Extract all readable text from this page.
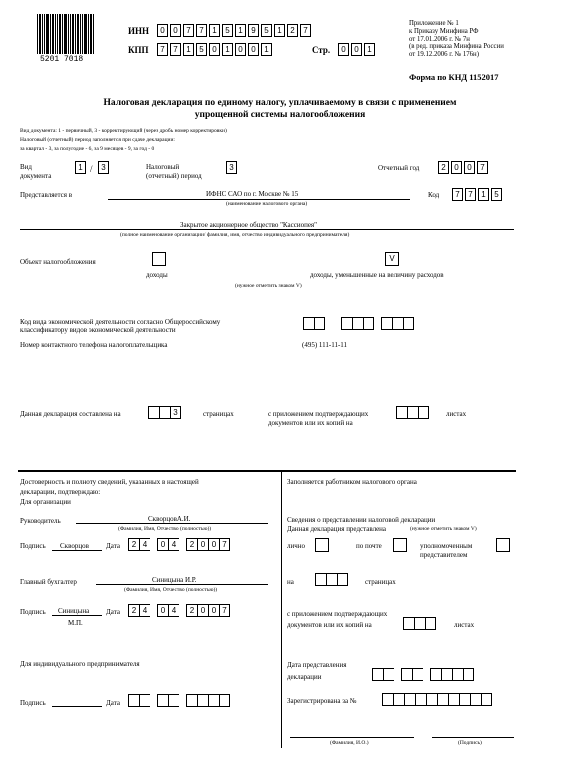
5201 7018
ИНН	0	0	7	7	1	5	1	9	5	1	2	7
КПП	7	7	1	5	0	1	0	0	1	Стр.	0	0	1
Приложение № 1
к Приказу Минфина РФ
от 17.01.2006 г. № 7н
(в ред. приказа Минфина России
от 19.12.2006 г. № 176н)
Форма по КНД 1152017
Налоговая декларация по единому налогу, уплачиваемому в связи с применением
упрощенной системы налогообложения
Вид документа: 1 - первичный, 3 - корректирующий (через дробь номер корректировки)
Налоговый (отчетный) период заполняется при сдаче декларации:
за квартал - 3, за полугодие - 6, за 9 месяцев - 9, за год - 0
Вид
документа
1 /	3	Налоговый
(отчетный) период
3	Отчетный год	2	0	0	7
Представляется в	ИФНС САО по г. Москве № 15
(наименование налогового органа)
Код	7	7	1	5
Закрытое акционерное общество "Кассиопея"
(полное наименование организации/ фамилия, имя, отчество индивидуального предпринимателя)
Объект налогообложения
доходы
V
доходы, уменьшенные на величину расходов
(нужное отметить знаком V)
Код вида экономической деятельности согласно Общероссийскому
классификатору видов экономической деятельности
Номер контактного телефона налогоплательщика	(495) 111-11-11
Данная декларация составлена на	3	страницах	с приложением подтверждающих
документов или их копий на
листах
Достоверность и полноту сведений, указанных в настоящей
декларации, подтверждаю:
Для организации
Руководитель	СкворцовА.И.
(Фамилия, Имя, Отчество (полностью))
Подпись Скворцов Дата	2 4	0 4	2 0 0 7
Главный бухгалтер	Синицына И.Р.
(Фамилия, Имя, Отчество (полностью))
Подпись Синицына
М.П.
Дата	2 4	0 4	2 0 0 7
Для индивидуального предпринимателя
Подпись	Дата
Заполняется работником налогового органа
Сведения о представлении налоговой декларации
Данная декларация представлена	(нужное отметить знаком V)
лично	по почте	уполномоченным
представителем
на	страницах
с приложением подтверждающих
документов или их копий на	листах
Дата представления
декларации
Зарегистрирована за №
(Фамилия, И.О.)	(Подпись)
